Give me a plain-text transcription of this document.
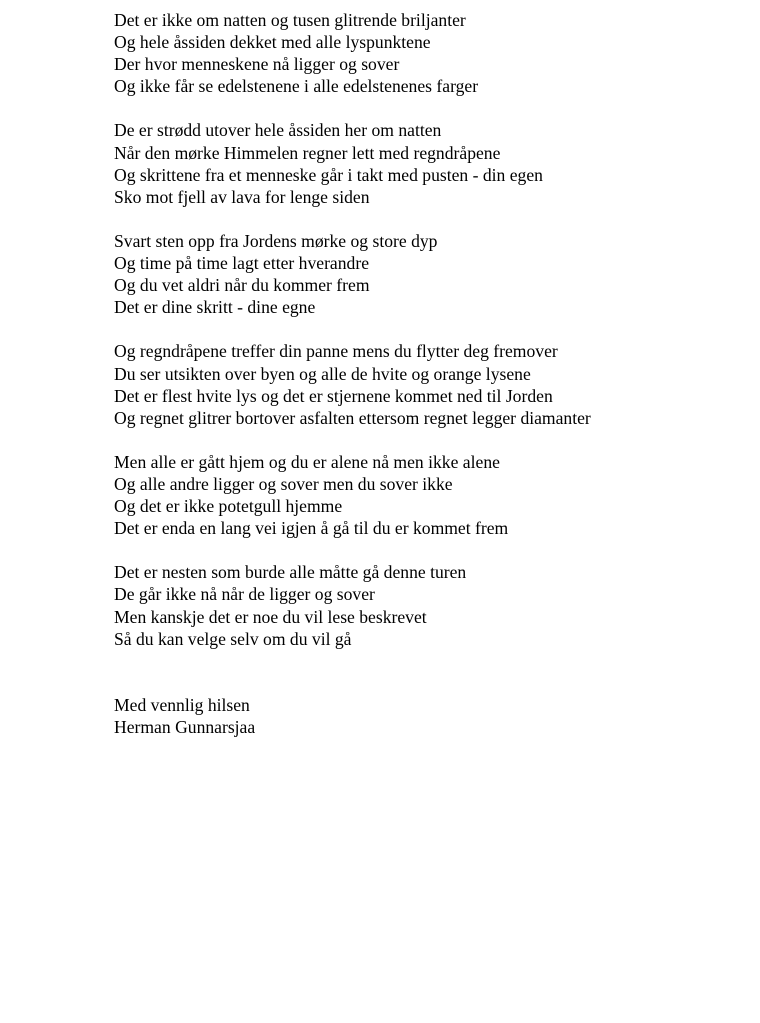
Det er ikke om natten og tusen glitrende briljanter
Og hele åssiden dekket med alle lyspunktene
Der hvor menneskene nå ligger og sover
Og ikke får se edelstenene i alle edelstenenes farger
De er strødd utover hele åssiden her om natten
Når den mørke Himmelen regner lett med regndråpene
Og skrittene fra et menneske går i takt med pusten - din egen
Sko mot fjell av lava for lenge siden
Svart sten opp fra Jordens mørke og store dyp
Og time på time lagt etter hverandre
Og du vet aldri når du kommer frem
Det er dine skritt - dine egne
Og regndråpene treffer din panne mens du flytter deg fremover
Du ser utsikten over byen og alle de hvite og orange lysene
Det er flest hvite lys og det er stjernene kommet ned til Jorden
Og regnet glitrer bortover asfalten ettersom regnet legger diamanter
Men alle er gått hjem og du er alene nå men ikke alene
Og alle andre ligger og sover men du sover ikke
Og det er ikke potetgull hjemme
Det er enda en lang vei igjen å gå til du er kommet frem
Det er nesten som burde alle måtte gå denne turen
De går ikke nå når de ligger og sover
Men kanskje det er noe du vil lese beskrevet
Så du kan velge selv om du vil gå
Med vennlig hilsen
Herman Gunnarsjaa
